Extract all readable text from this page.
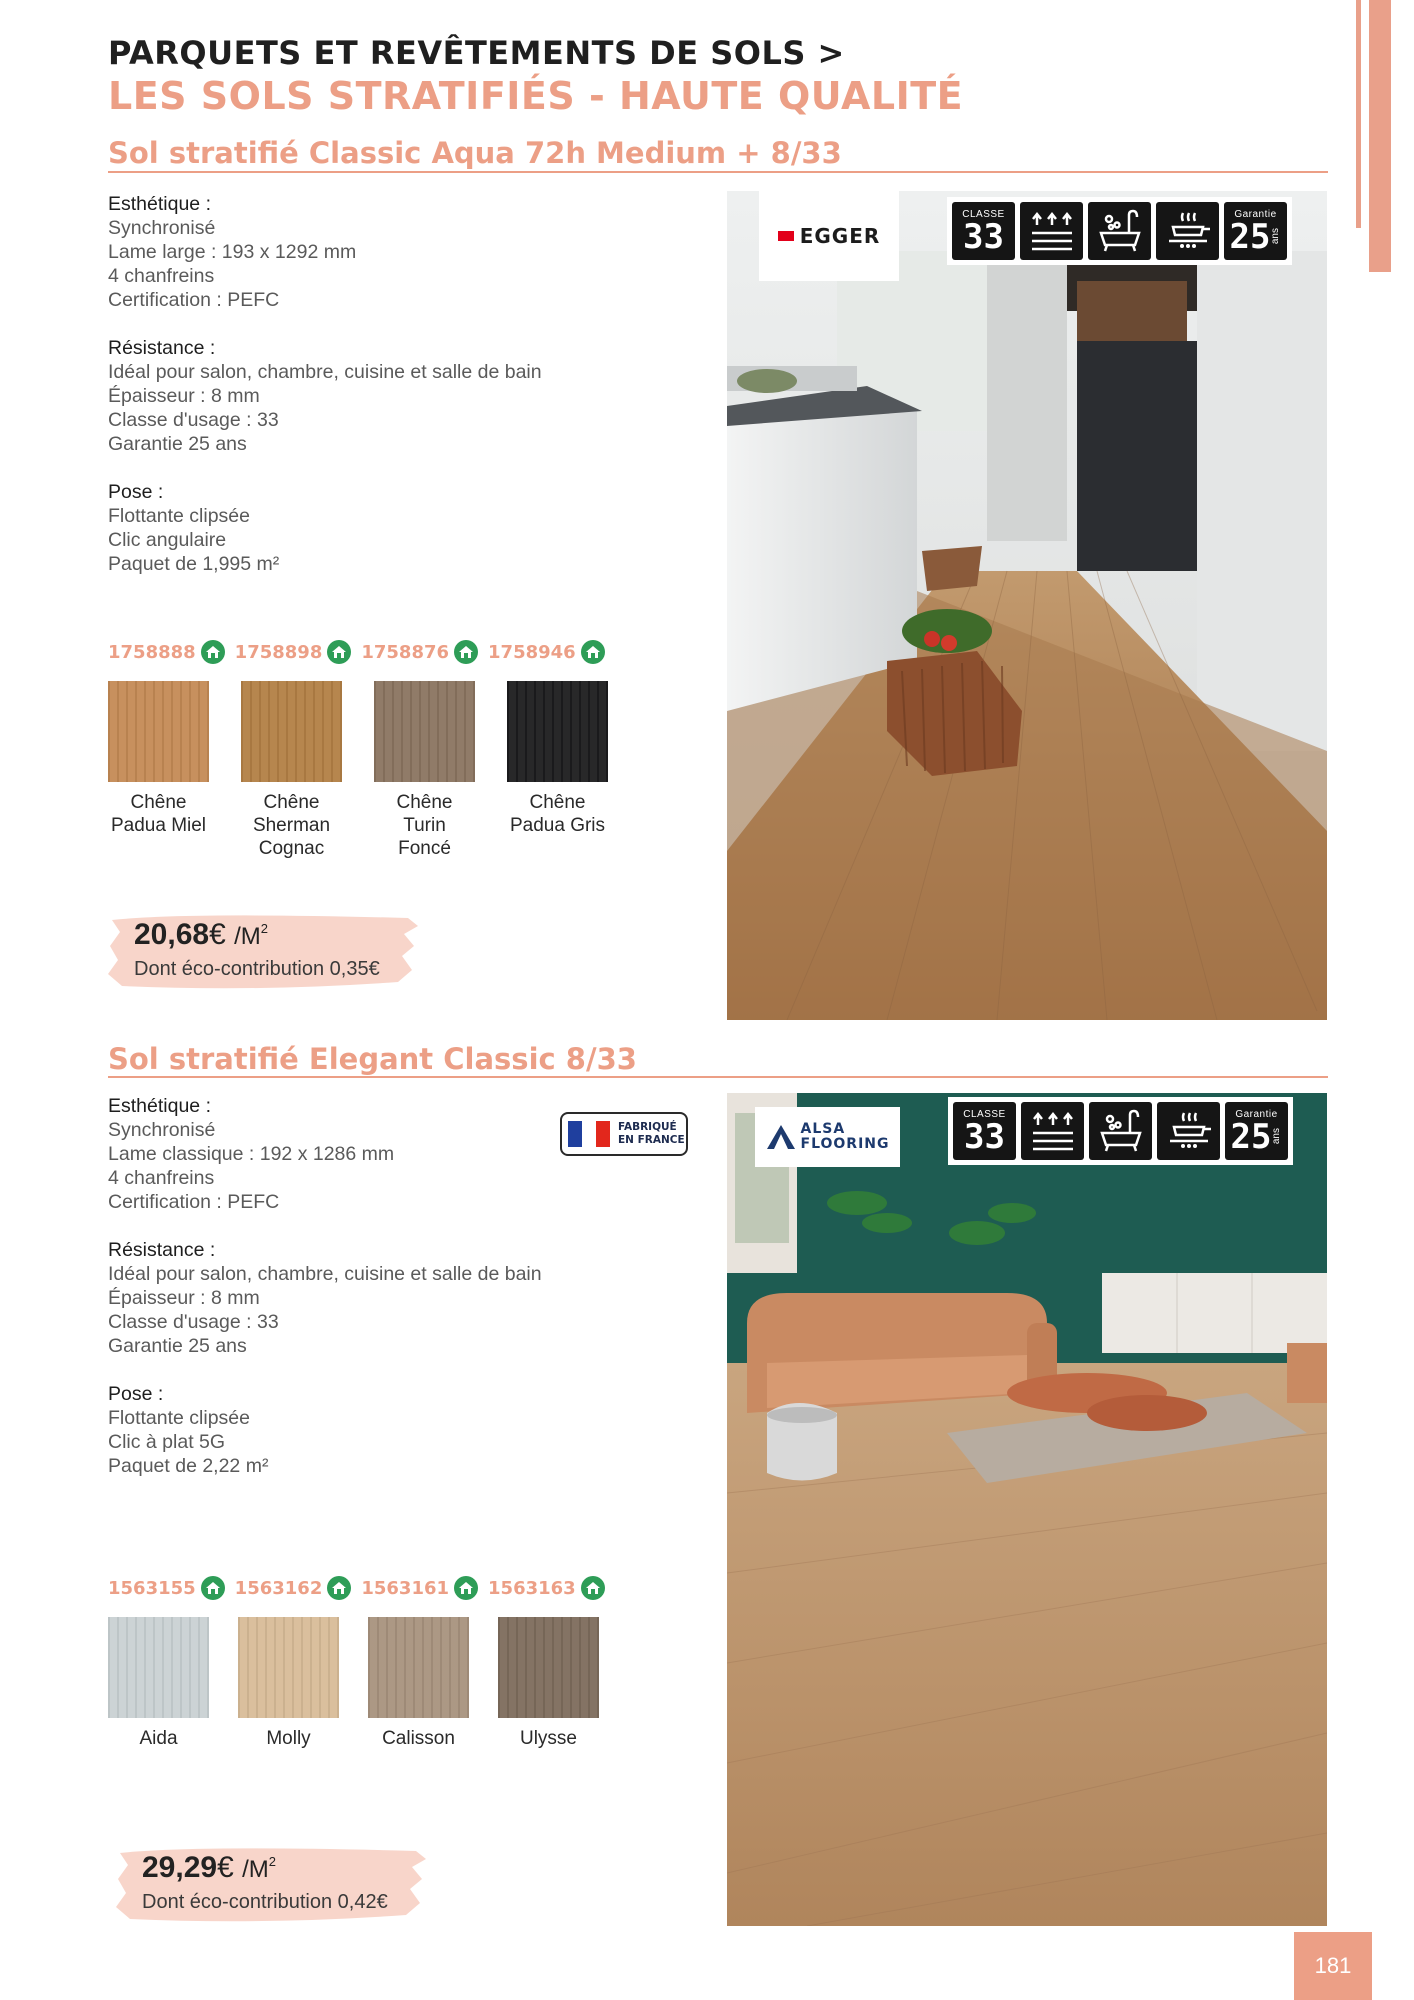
PARQUETS ET REVÊTEMENTS DE SOLS >
LES SOLS STRATIFIÉS - HAUTE QUALITÉ
Sol stratifié Classic Aqua 72h Medium + 8/33
Esthétique :
Synchronisé
Lame large : 193 x 1292 mm
4 chanfreins
Certification : PEFC
Résistance :
Idéal pour salon, chambre, cuisine et salle de bain
Épaisseur : 8 mm
Classe d'usage : 33
Garantie 25 ans
Pose :
Flottante clipsée
Clic angulaire
Paquet de 1,995 m²
1758888 1758898 1758876 1758946
Chêne
Padua Miel
Chêne
Sherman
Cognac
Chêne
Turin
Foncé
Chêne
Padua Gris
20,68€ $/M^2$
Dont éco-contribution 0,35€
EGGER
CLASSE
33
Garantie
25 ans
Sol stratifié Elegant Classic 8/33
FABRIQUÉ
EN FRANCE
Esthétique :
Synchronisé
Lame classique : 192 x 1286 mm
4 chanfreins
Certification : PEFC
Résistance :
Idéal pour salon, chambre, cuisine et salle de bain
Épaisseur : 8 mm
Classe d'usage : 33
Garantie 25 ans
Pose :
Flottante clipsée
Clic à plat 5G
Paquet de 2,22 m²
1563155 1563162 1563161 1563163
Aida	Molly	Calisson	Ulysse
29,29€ $/M^2$
Dont éco-contribution 0,42€
ALSA
FLOORING
CLASSE
33
Garantie
25 ans
181
